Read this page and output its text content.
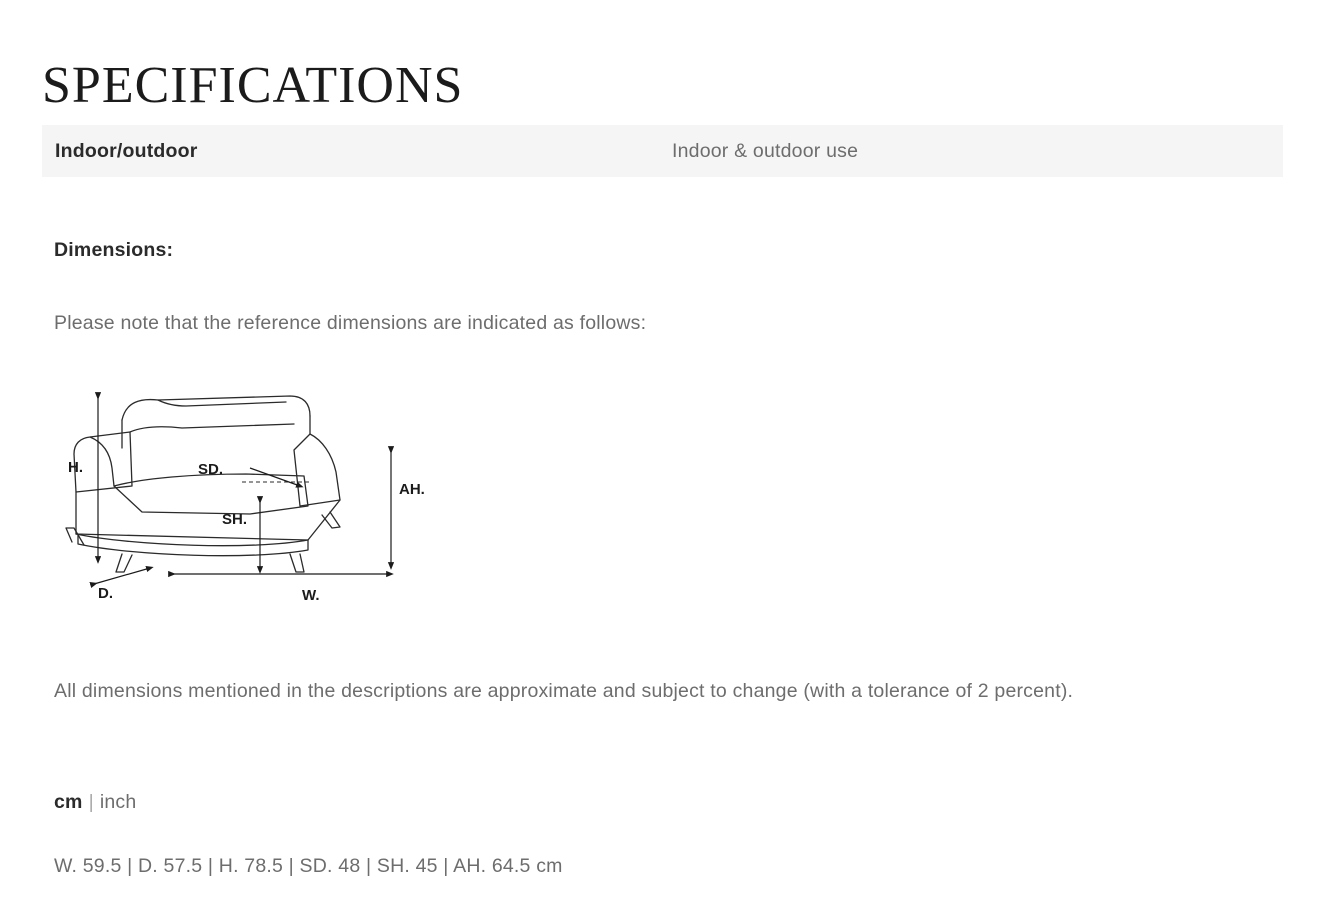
SPECIFICATIONS
Indoor/outdoor	Indoor & outdoor use
Dimensions:
Please note that the reference dimensions are indicated as follows:
H.
AH.
SD.
SH.
D.	W.
All dimensions mentioned in the descriptions are approximate and subject to change (with a tolerance of 2 percent).
cm | inch
W. 59.5 | D. 57.5 | H. 78.5 | SD. 48 | SH. 45 | AH. 64.5 cm
